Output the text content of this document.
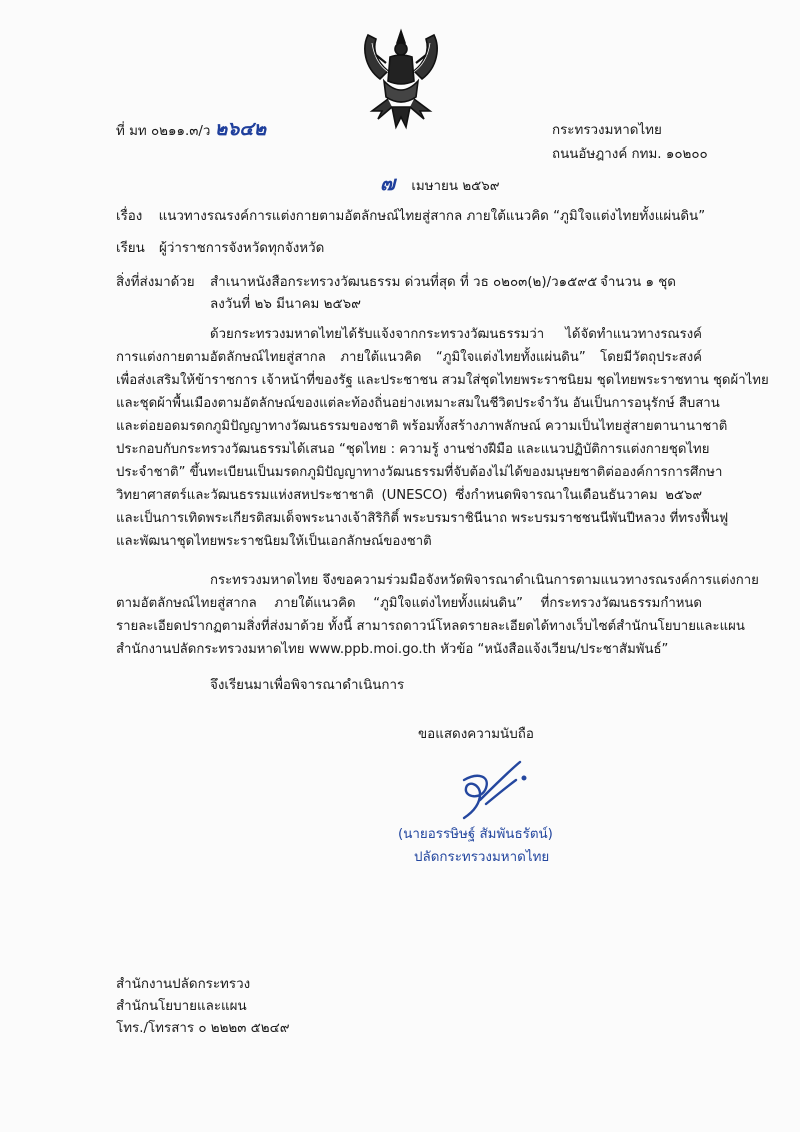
ที่ มท ๐๒๑๑.๓/ว ๒๖๔๒	กระทรวงมหาดไทย
ถนนอัษฎางค์ กทม. ๑๐๒๐๐
๗ เมษายน ๒๕๖๙
เรื่อง แนวทางรณรงค์การแต่งกายตามอัตลักษณ์ไทยสู่สากล ภายใต้แนวคิด “ภูมิใจแต่งไทยทั้งแผ่นดิน”
เรียน ผู้ว่าราชการจังหวัดทุกจังหวัด
สิ่งที่ส่งมาด้วย สำเนาหนังสือกระทรวงวัฒนธรรม ด่วนที่สุด ที่ วธ ๐๒๐๓(๒)/ว๑๕๙๕ จำนวน ๑ ชุด
ลงวันที่ ๒๖ มีนาคม ๒๕๖๙
ด้วยกระทรวงมหาดไทยได้รับแจ้งจากกระทรวงวัฒนธรรมว่า ได้จัดทำแนวทางรณรงค์
การแต่งกายตามอัตลักษณ์ไทยสู่สากล ภายใต้แนวคิด “ภูมิใจแต่งไทยทั้งแผ่นดิน” โดยมีวัตถุประสงค์
เพื่อส่งเสริมให้ข้าราชการ เจ้าหน้าที่ของรัฐ และประชาชน สวมใส่ชุดไทยพระราชนิยม ชุดไทยพระราชทาน ชุดผ้าไทย
และชุดผ้าพื้นเมืองตามอัตลักษณ์ของแต่ละท้องถิ่นอย่างเหมาะสมในชีวิตประจำวัน อันเป็นการอนุรักษ์ สืบสาน
และต่อยอดมรดกภูมิปัญญาทางวัฒนธรรมของชาติ พร้อมทั้งสร้างภาพลักษณ์ ความเป็นไทยสู่สายตานานาชาติ
ประกอบกับกระทรวงวัฒนธรรมได้เสนอ “ชุดไทย : ความรู้ งานช่างฝีมือ และแนวปฏิบัติการแต่งกายชุดไทย
ประจำชาติ” ขึ้นทะเบียนเป็นมรดกภูมิปัญญาทางวัฒนธรรมที่จับต้องไม่ได้ของมนุษยชาติต่อองค์การการศึกษา
วิทยาศาสตร์และวัฒนธรรมแห่งสหประชาชาติ (UNESCO) ซึ่งกำหนดพิจารณาในเดือนธันวาคม ๒๕๖๙
และเป็นการเทิดพระเกียรติสมเด็จพระนางเจ้าสิริกิติ์ พระบรมราชินีนาถ พระบรมราชชนนีพันปีหลวง ที่ทรงฟื้นฟู
และพัฒนาชุดไทยพระราชนิยมให้เป็นเอกลักษณ์ของชาติ
กระทรวงมหาดไทย จึงขอความร่วมมือจังหวัดพิจารณาดำเนินการตามแนวทางรณรงค์การแต่งกาย
ตามอัตลักษณ์ไทยสู่สากล ภายใต้แนวคิด “ภูมิใจแต่งไทยทั้งแผ่นดิน” ที่กระทรวงวัฒนธรรมกำหนด
รายละเอียดปรากฏตามสิ่งที่ส่งมาด้วย ทั้งนี้ สามารถดาวน์โหลดรายละเอียดได้ทางเว็บไซต์สำนักนโยบายและแผน
สำนักงานปลัดกระทรวงมหาดไทย www.ppb.moi.go.th หัวข้อ “หนังสือแจ้งเวียน/ประชาสัมพันธ์”
จึงเรียนมาเพื่อพิจารณาดำเนินการ
ขอแสดงความนับถือ
(นายอรรษิษฐ์ สัมพันธรัตน์)
ปลัดกระทรวงมหาดไทย
สำนักงานปลัดกระทรวง
สำนักนโยบายและแผน
โทร./โทรสาร ๐ ๒๒๒๓ ๕๒๔๙
